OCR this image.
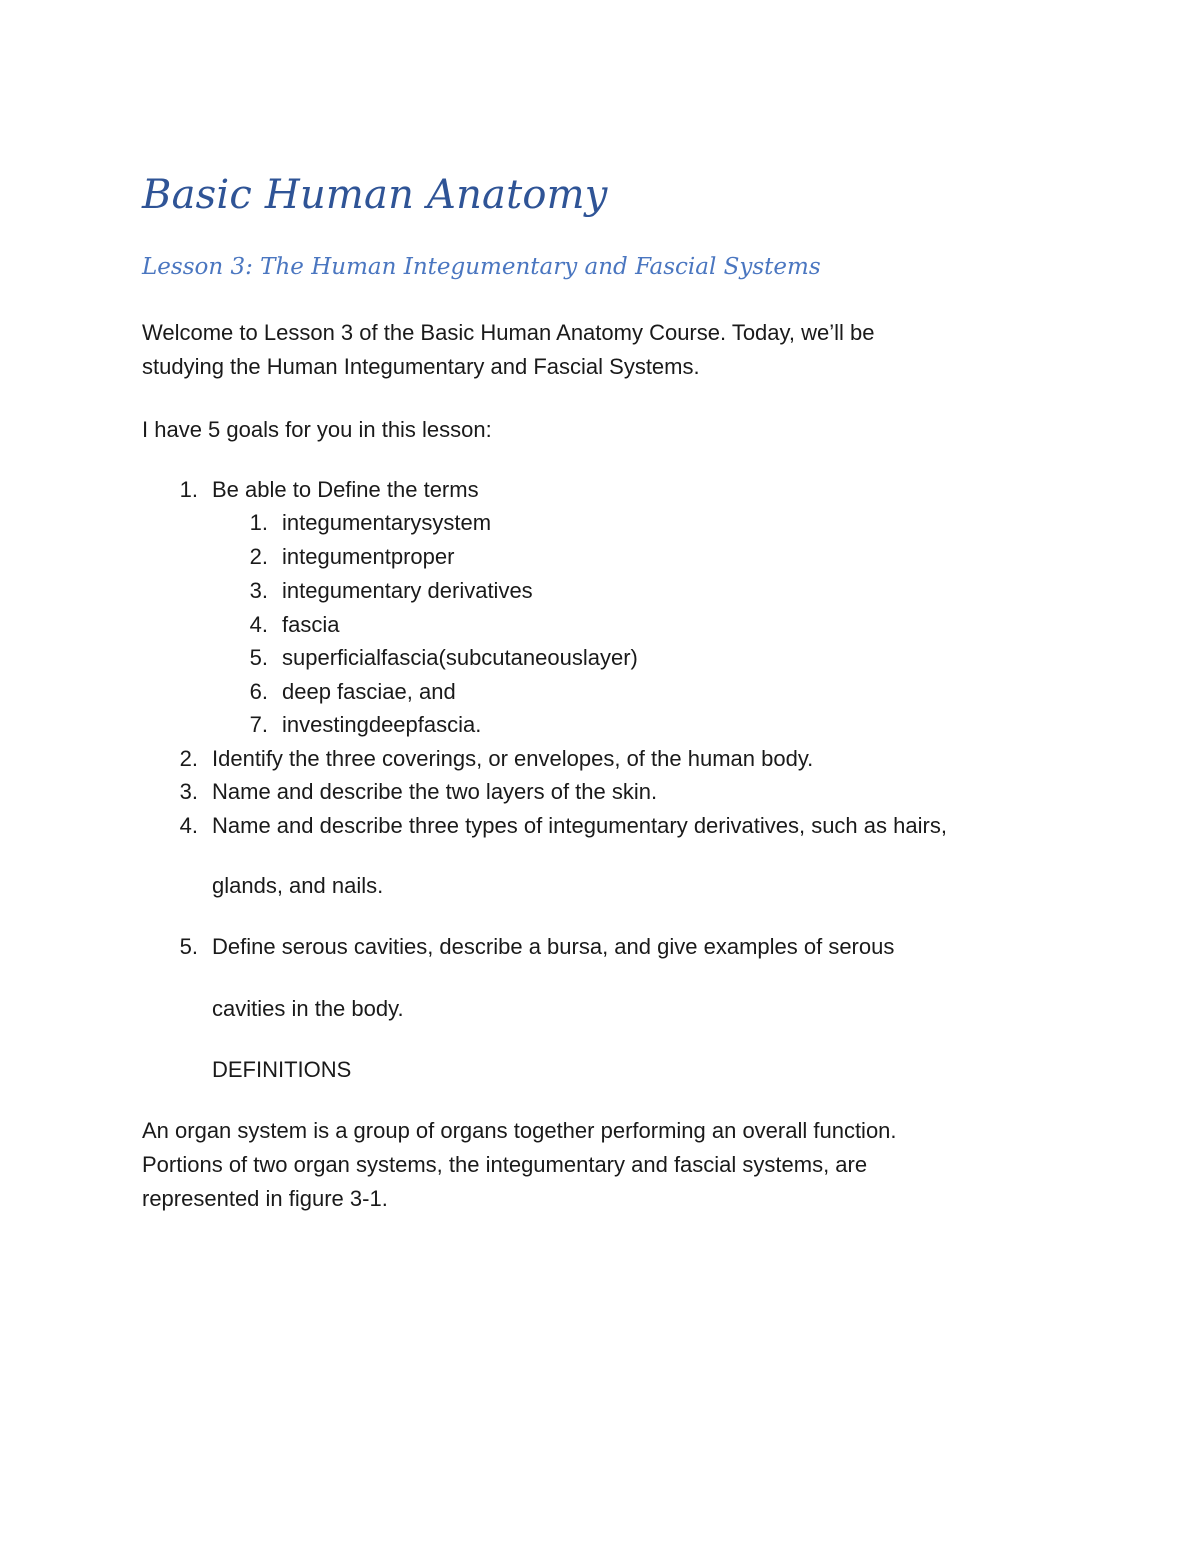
Basic Human Anatomy
Lesson 3: The Human Integumentary and Fascial Systems
Welcome to Lesson 3 of the Basic Human Anatomy Course. Today, we’ll be
studying the Human Integumentary and Fascial Systems.
I have 5 goals for you in this lesson:
1. Be able to Define the terms
1. integumentarysystem
2. integumentproper
3. integumentary derivatives
4. fascia
5. superficialfascia(subcutaneouslayer)
6. deep fasciae, and
7. investingdeepfascia.
2. Identify the three coverings, or envelopes, of the human body.
3. Name and describe the two layers of the skin.
4. Name and describe three types of integumentary derivatives, such as hairs,
glands, and nails.
5. Define serous cavities, describe a bursa, and give examples of serous
cavities in the body.
DEFINITIONS
An organ system is a group of organs together performing an overall function.
Portions of two organ systems, the integumentary and fascial systems, are
represented in figure 3-1.
